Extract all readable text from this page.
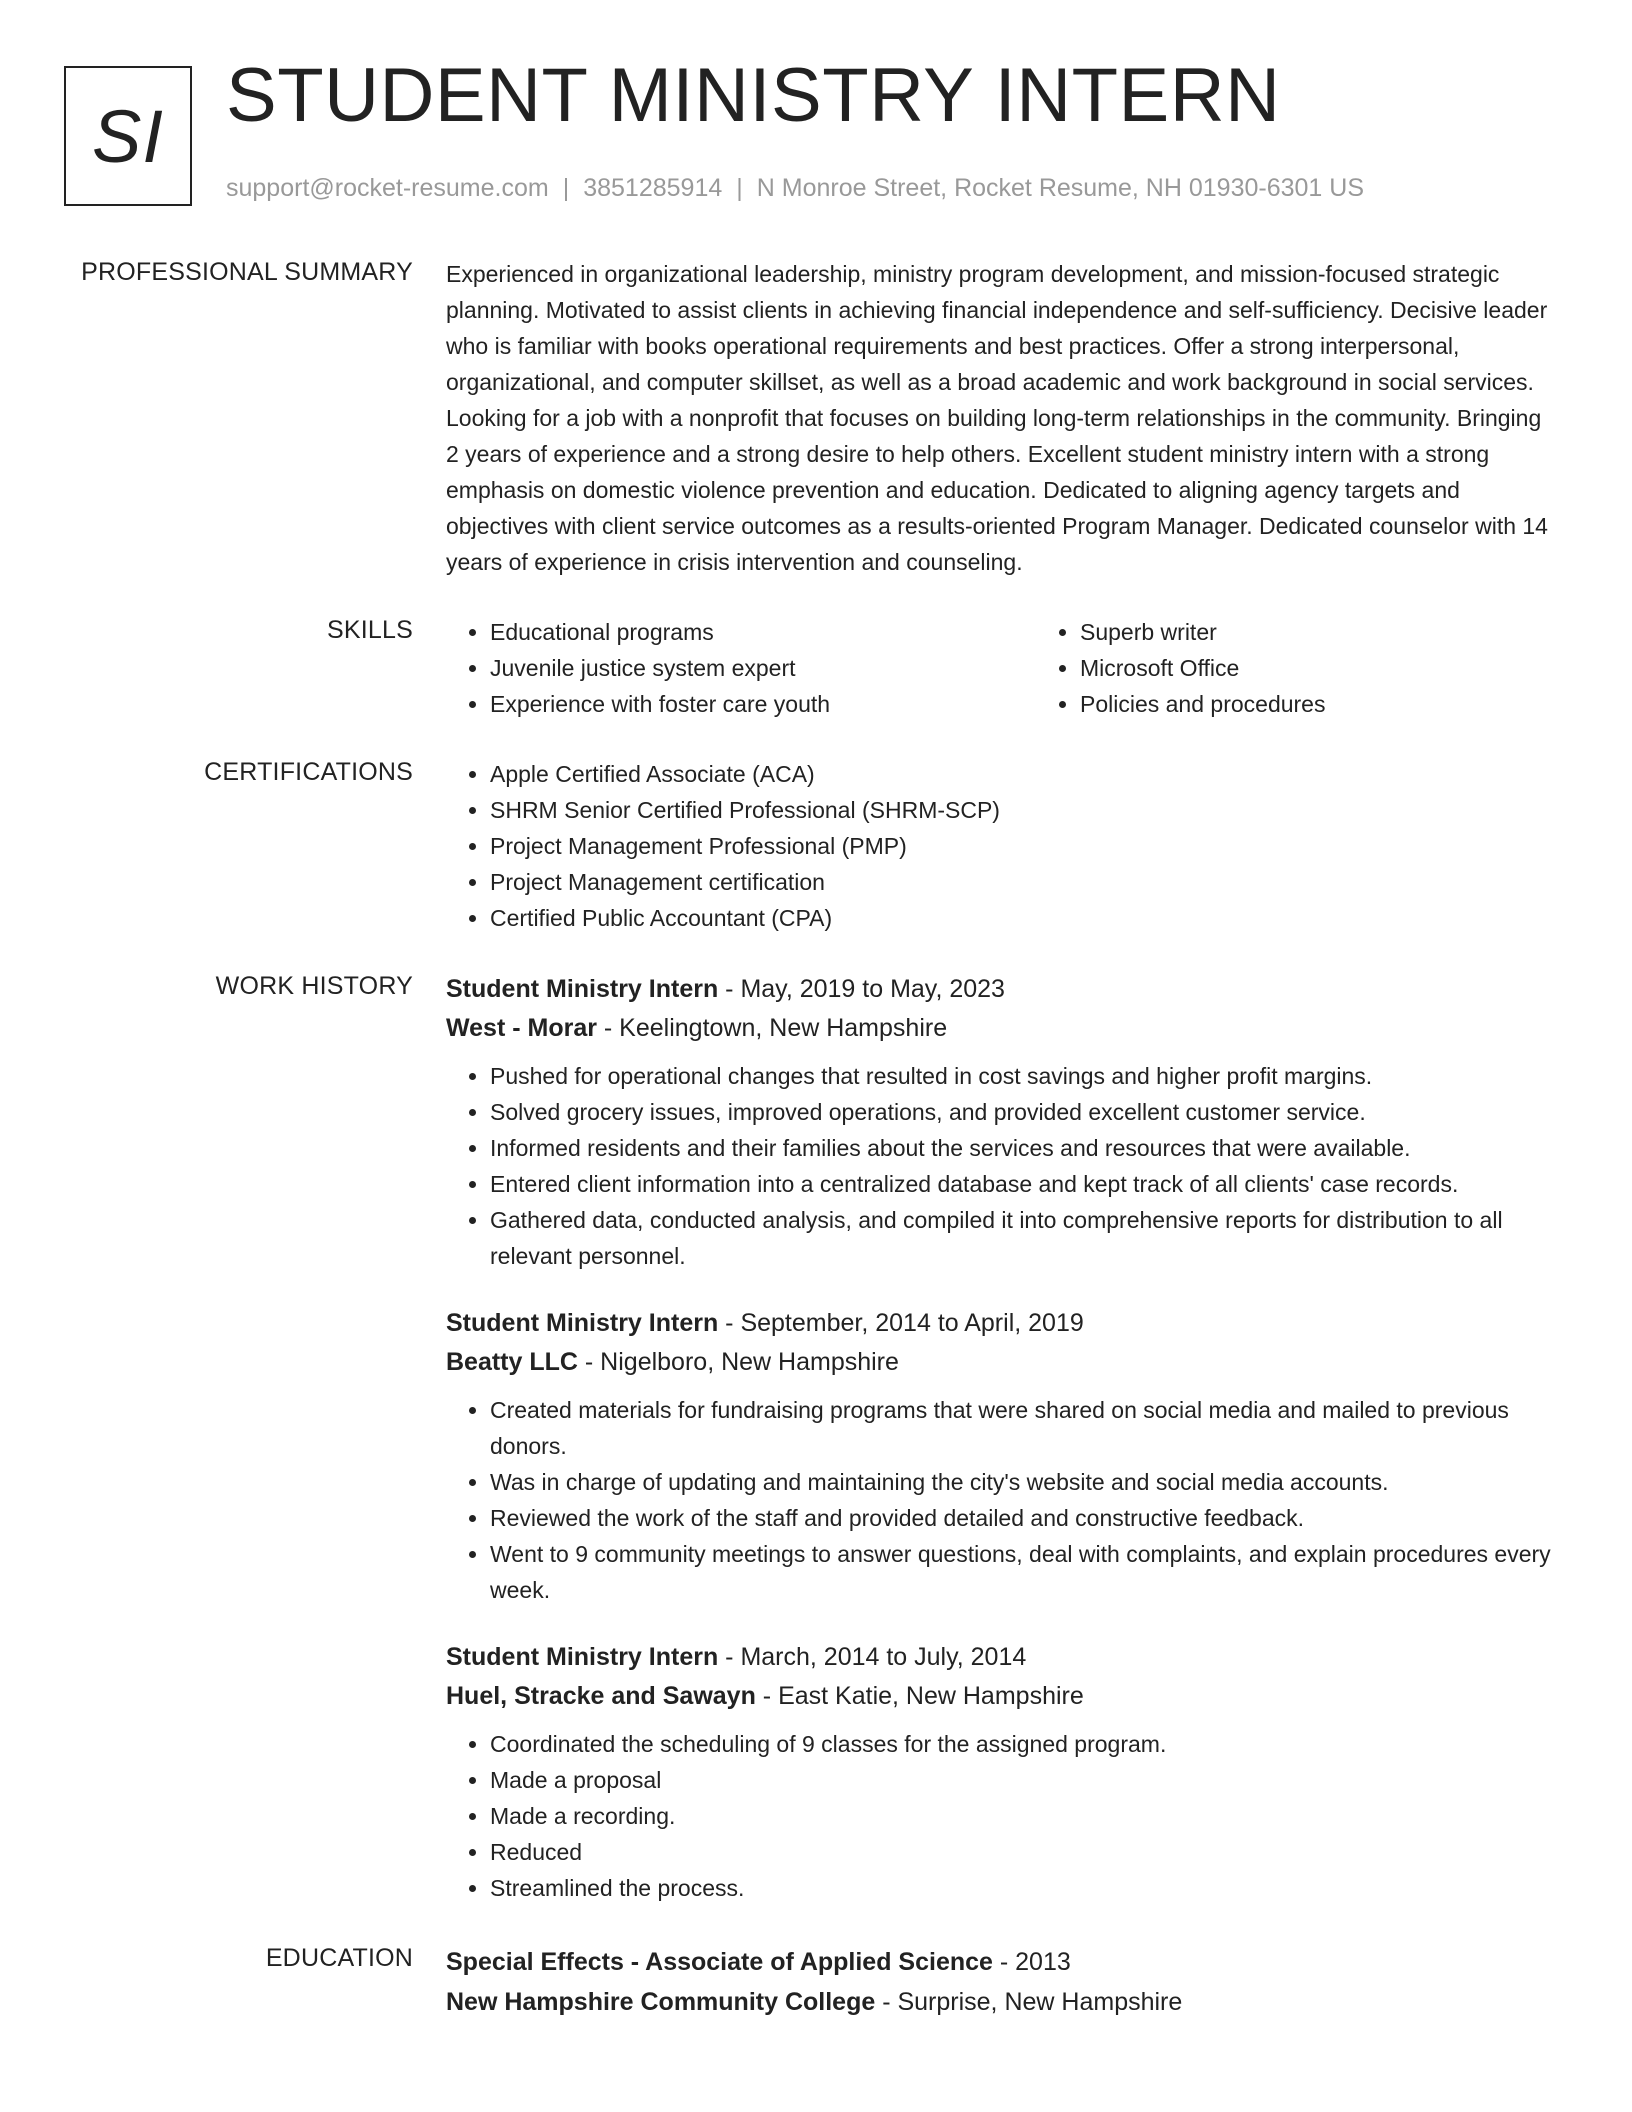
SI STUDENT MINISTRY INTERN
support@rocket-resume.com | 3851285914 | N Monroe Street, Rocket Resume, NH 01930-6301 US
PROFESSIONAL SUMMARY Experienced in organizational leadership, ministry program development, and mission-focused strategic planning. Motivated to assist clients in achieving financial independence and self-sufficiency. Decisive leader who is familiar with books operational requirements and best practices. Offer a strong interpersonal, organizational, and computer skillset, as well as a broad academic and work background in social services. Looking for a job with a nonprofit that focuses on building long-term relationships in the community. Bringing 2 years of experience and a strong desire to help others. Excellent student ministry intern with a strong emphasis on domestic violence prevention and education. Dedicated to aligning agency targets and objectives with client service outcomes as a results-oriented Program Manager. Dedicated counselor with 14 years of experience in crisis intervention and counseling.

SKILLS	• Educational programs
• Juvenile justice system expert
• Experience with foster care youth
• Superb writer
• Microsoft Office
• Policies and procedures
CERTIFICATIONS	• Apple Certified Associate (ACA)
• SHRM Senior Certified Professional (SHRM-SCP)
• Project Management Professional (PMP)
• Project Management certification
• Certified Public Accountant (CPA)
WORK HISTORY Student Ministry Intern - May, 2019 to May, 2023
West - Morar - Keelingtown, New Hampshire
• Pushed for operational changes that resulted in cost savings and higher profit margins.
• Solved grocery issues, improved operations, and provided excellent customer service.
• Informed residents and their families about the services and resources that were available.
• Entered client information into a centralized database and kept track of all clients' case records.
• Gathered data, conducted analysis, and compiled it into comprehensive reports for distribution to all relevant personnel.
Student Ministry Intern - September, 2014 to April, 2019
Beatty LLC - Nigelboro, New Hampshire
• Created materials for fundraising programs that were shared on social media and mailed to previous donors.
• Was in charge of updating and maintaining the city's website and social media accounts.
• Reviewed the work of the staff and provided detailed and constructive feedback.
• Went to 9 community meetings to answer questions, deal with complaints, and explain procedures every week.
Student Ministry Intern - March, 2014 to July, 2014
Huel, Stracke and Sawayn - East Katie, New Hampshire
• Coordinated the scheduling of 9 classes for the assigned program.
• Made a proposal
• Made a recording.
• Reduced
• Streamlined the process.
EDUCATION Special Effects - Associate of Applied Science - 2013
New Hampshire Community College - Surprise, New Hampshire
